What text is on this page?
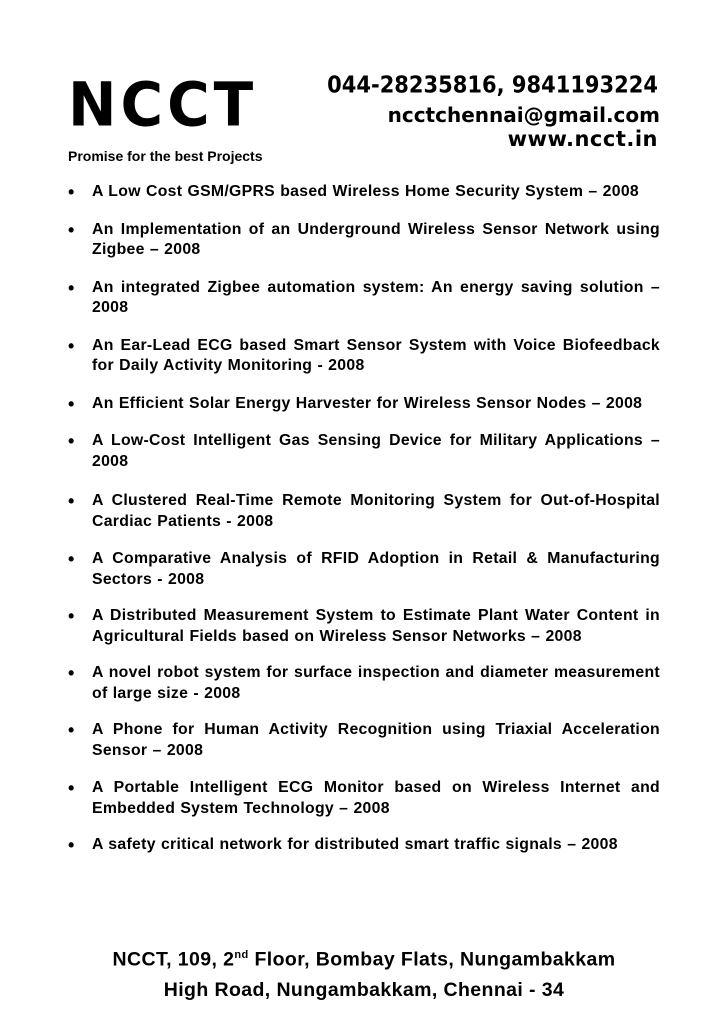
NCCT
Promise for the best Projects
044-28235816, 9841193224
ncctchennai@gmail.com
www.ncct.in
• A Low Cost GSM/GPRS based Wireless Home Security System – 2008
• An Implementation of an Underground Wireless Sensor Network using Zigbee – 2008
• An integrated Zigbee automation system: An energy saving solution – 2008
• An Ear-Lead ECG based Smart Sensor System with Voice Biofeedback for Daily Activity Monitoring - 2008
• An Efficient Solar Energy Harvester for Wireless Sensor Nodes – 2008
• A Low-Cost Intelligent Gas Sensing Device for Military Applications – 2008
• A Clustered Real-Time Remote Monitoring System for Out-of-Hospital Cardiac Patients - 2008
• A Comparative Analysis of RFID Adoption in Retail & Manufacturing Sectors - 2008
• A Distributed Measurement System to Estimate Plant Water Content in Agricultural Fields based on Wireless Sensor Networks – 2008
• A novel robot system for surface inspection and diameter measurement of large size - 2008
• A Phone for Human Activity Recognition using Triaxial Acceleration Sensor – 2008
• A Portable Intelligent ECG Monitor based on Wireless Internet and Embedded System Technology – 2008
• A safety critical network for distributed smart traffic signals – 2008
NCCT, 109, 2nd Floor, Bombay Flats, Nungambakkam
High Road, Nungambakkam, Chennai - 34
